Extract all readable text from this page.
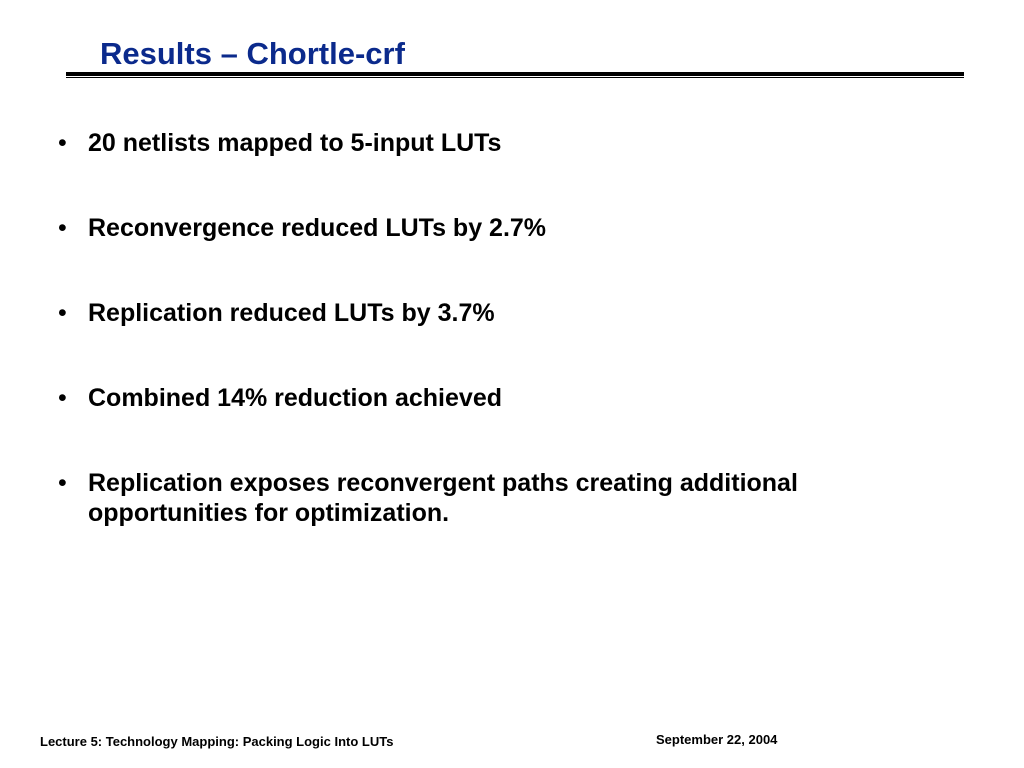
Results – Chortle-crf
• 20 netlists mapped to 5-input LUTs
• Reconvergence reduced LUTs by 2.7%
• Replication reduced LUTs by 3.7%
• Combined 14% reduction achieved
• Replication exposes reconvergent paths creating additional opportunities for optimization.
Lecture 5: Technology Mapping: Packing Logic Into LUTs	September 22, 2004
